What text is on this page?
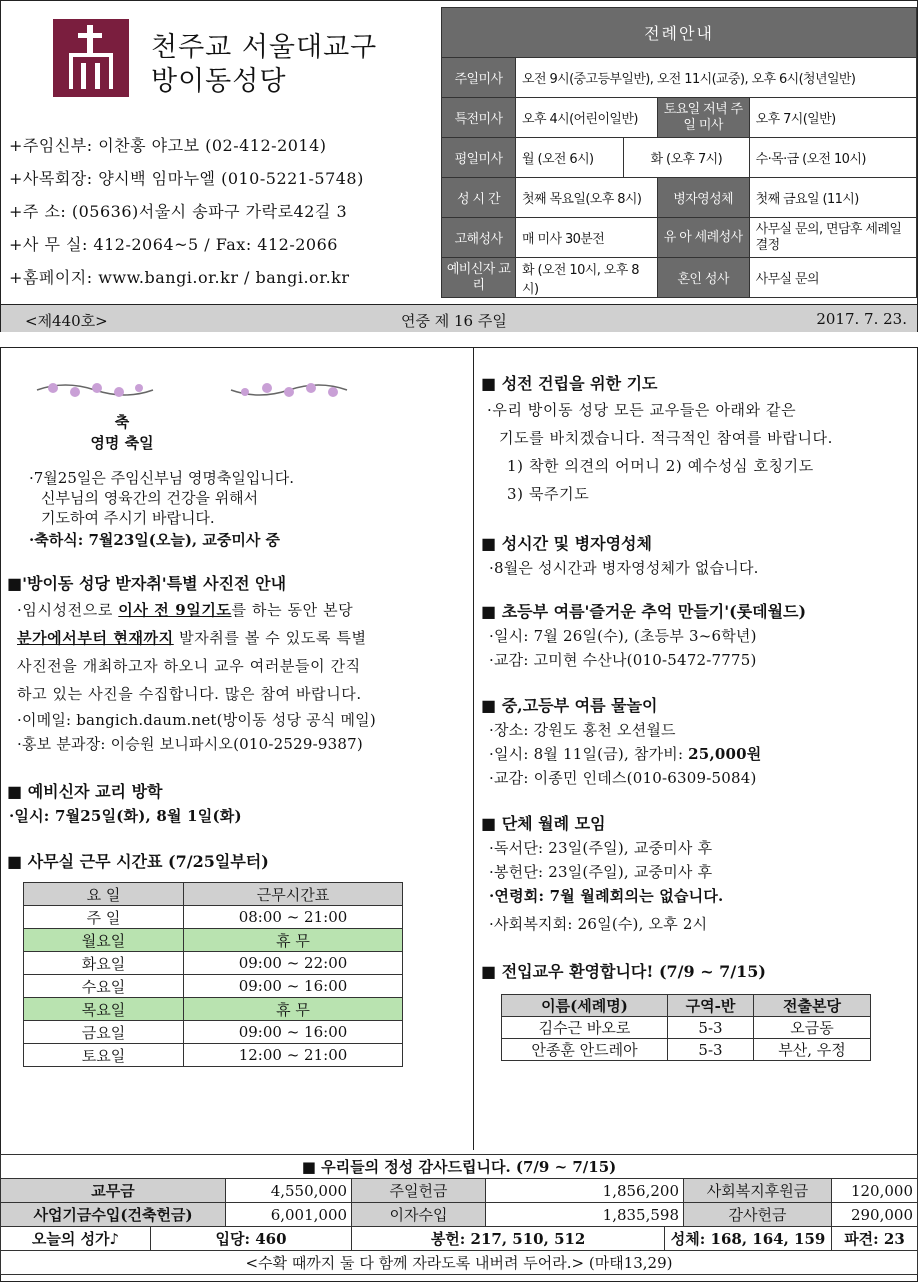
천주교 서울대교구
방이동성당
+주임신부: 이찬홍 야고보 (02-412-2014)
+사목회장: 양시백 임마누엘 (010-5221-5748)
+주 소: (05636)서울시 송파구 가락로42길 3
+사 무 실: 412-2064~5 / Fax: 412-2066
+홈페이지: www.bangi.or.kr / bangi.or.kr
전례안내				
주일미사	오전 9시(중고등부일반), 오전 11시(교중), 오후 6시(청년일반)			
특전미사	오후 4시(어린이일반)		토요일 저녁 주일 미사	오후 7시(일반)
평일미사	월 (오전 6시)	화 (오후 7시)		수·목·금 (오전 10시)
성 시 간	첫째 목요일(오후 8시)		병자영성체	첫째 금요일 (11시)
고해성사	매 미사 30분전		유 아 세례성사	사무실 문의, 면담후 세례일 결정
예비신자 교 리	화 (오전 10시, 오후 8시)		혼인 성사	사무실 문의
<제440호>	연중 제 16 주일	2017. 7. 23.
축
영명 축일
·7월25일은 주임신부님 영명축일입니다.
신부님의 영육간의 건강을 위해서
기도하여 주시기 바랍니다.
·축하식: 7월23일(오늘), 교중미사 중
■'방이동 성당 받자취'특별 사진전 안내
·임시성전으로 이사 전 9일기도를 하는 동안 본당
분가에서부터 현재까지 발자취를 볼 수 있도록 특별
사진전을 개최하고자 하오니 교우 여러분들이 간직
하고 있는 사진을 수집합니다. 많은 참여 바랍니다.
·이메일: bangich.daum.net(방이동 성당 공식 메일)
·홍보 분과장: 이승원 보니파시오(010-2529-9387)
■ 예비신자 교리 방학
·일시: 7월25일(화), 8월 1일(화)
■ 사무실 근무 시간표 (7/25일부터)
요 일	근무시간표
주 일	08:00 ~ 21:00
월요일	휴 무
화요일	09:00 ~ 22:00
수요일	09:00 ~ 16:00
목요일	휴 무
금요일	09:00 ~ 16:00
토요일	12:00 ~ 21:00
■ 성전 건립을 위한 기도
·우리 방이동 성당 모든 교우들은 아래와 같은
기도를 바치겠습니다. 적극적인 참여를 바랍니다.
1) 착한 의견의 어머니 2) 예수성심 호칭기도
3) 묵주기도
■ 성시간 및 병자영성체
·8월은 성시간과 병자영성체가 없습니다.
■ 초등부 여름'즐거운 추억 만들기'(롯데월드)
·일시: 7월 26일(수), (초등부 3~6학년)
·교감: 고미현 수산나(010-5472-7775)
■ 중,고등부 여름 물놀이
·장소: 강원도 홍천 오션월드
·일시: 8월 11일(금), 참가비: 25,000원
·교감: 이종민 인데스(010-6309-5084)
■ 단체 월례 모임
·독서단: 23일(주일), 교중미사 후
·봉헌단: 23일(주일), 교중미사 후
·연령회: 7월 월례회의는 없습니다.
·사회복지회: 26일(수), 오후 2시
■ 전입교우 환영합니다! (7/9 ~ 7/15)
이름(세례명)	구역-반	전출본당
김수근 바오로	5-3	오금동
안종훈 안드레아	5-3	부산, 우정
■ 우리들의 정성 감사드립니다. (7/9 ~ 7/15)							
교무금		4,550,000	주일헌금	1,856,200		사회복지후원금	120,000
사업기금수입(건축헌금)		6,001,000	이자수입	1,835,598		감사헌금	290,000
오늘의 성가♪	입당: 460		봉헌: 217, 510, 512		성체: 168, 164, 159		파견: 23
<수확 때까지 둘 다 함께 자라도록 내버려 두어라.> (마태13,29)							
